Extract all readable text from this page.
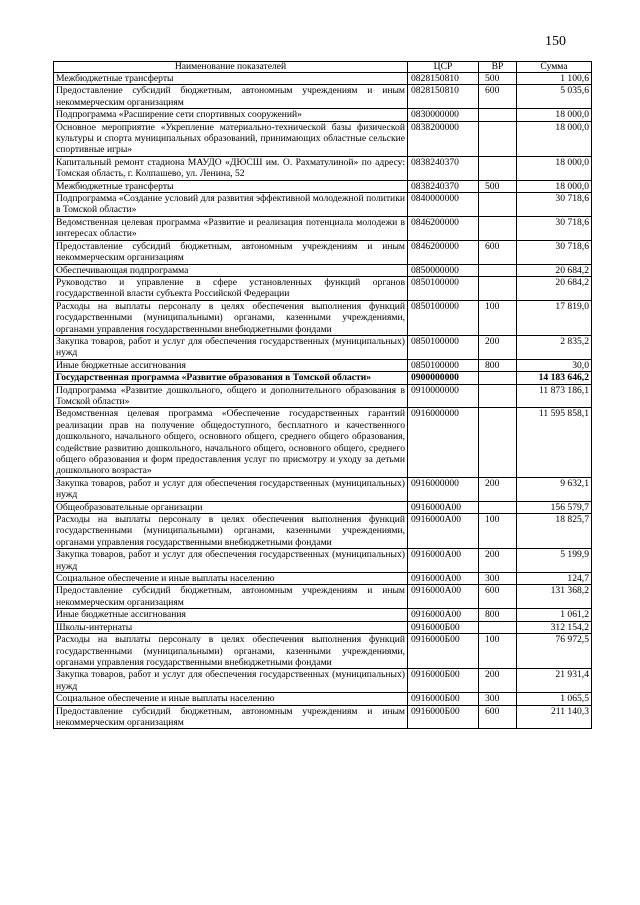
150
Наименование показателей	ЦСР	ВР	Сумма
Межбюджетные трансферты	0828150810	500	1 100,6
Предоставление субсидий бюджетным, автономным учреждениям и иным некоммерческим организациям	0828150810	600	5 035,6
Подпрограмма «Расширение сети спортивных сооружений»	0830000000		18 000,0
Основное мероприятие «Укрепление материально-технической базы физической культуры и спорта муниципальных образований, принимающих областные сельские спортивные игры»	0838200000		18 000,0
Капитальный ремонт стадиона МАУДО «ДЮСШ им. О. Рахматулиной» по адресу: Томская область, г. Колпашево, ул. Ленина, 52	0838240370		18 000,0
Межбюджетные трансферты	0838240370	500	18 000,0
Подпрограмма «Создание условий для развития эффективной молодежной политики в Томской области»	0840000000		30 718,6
Ведомственная целевая программа «Развитие и реализация потенциала молодежи в интересах области»	0846200000		30 718,6
Предоставление субсидий бюджетным, автономным учреждениям и иным некоммерческим организациям	0846200000	600	30 718,6
Обеспечивающая подпрограмма	0850000000		20 684,2
Руководство и управление в сфере установленных функций органов государственной власти субъекта Российской Федерации	0850100000		20 684,2
Расходы на выплаты персоналу в целях обеспечения выполнения функций государственными (муниципальными) органами, казенными учреждениями, органами управления государственными внебюджетными фондами	0850100000	100	17 819,0
Закупка товаров, работ и услуг для обеспечения государственных (муниципальных) нужд	0850100000	200	2 835,2
Иные бюджетные ассигнования	0850100000	800	30,0
Государственная программа «Развитие образования в Томской области»	0900000000		14 183 646,2
Подпрограмма «Развитие дошкольного, общего и дополнительного образования в Томской области»	0910000000		11 873 186,1
Ведомственная целевая программа «Обеспечение государственных гарантий реализации прав на получение общедоступного, бесплатного и качественного дошкольного, начального общего, основного общего, среднего общего образования, содействие развитию дошкольного, начального общего, основного общего, среднего общего образования и форм предоставления услуг по присмотру и уходу за детьми дошкольного возраста»	0916000000		11 595 858,1
Закупка товаров, работ и услуг для обеспечения государственных (муниципальных) нужд	0916000000	200	9 632,1
Общеобразовательные организации	0916000А00		156 579,7
Расходы на выплаты персоналу в целях обеспечения выполнения функций государственными (муниципальными) органами, казенными учреждениями, органами управления государственными внебюджетными фондами	0916000А00	100	18 825,7
Закупка товаров, работ и услуг для обеспечения государственных (муниципальных) нужд	0916000А00	200	5 199,9
Социальное обеспечение и иные выплаты населению	0916000А00	300	124,7
Предоставление субсидий бюджетным, автономным учреждениям и иным некоммерческим организациям	0916000А00	600	131 368,2
Иные бюджетные ассигнования	0916000А00	800	1 061,2
Школы-интернаты	0916000Б00		312 154,2
Расходы на выплаты персоналу в целях обеспечения выполнения функций государственными (муниципальными) органами, казенными учреждениями, органами управления государственными внебюджетными фондами	0916000Б00	100	76 972,5
Закупка товаров, работ и услуг для обеспечения государственных (муниципальных) нужд	0916000Б00	200	21 931,4
Социальное обеспечение и иные выплаты населению	0916000Б00	300	1 065,5
Предоставление субсидий бюджетным, автономным учреждениям и иным некоммерческим организациям	0916000Б00	600	211 140,3
